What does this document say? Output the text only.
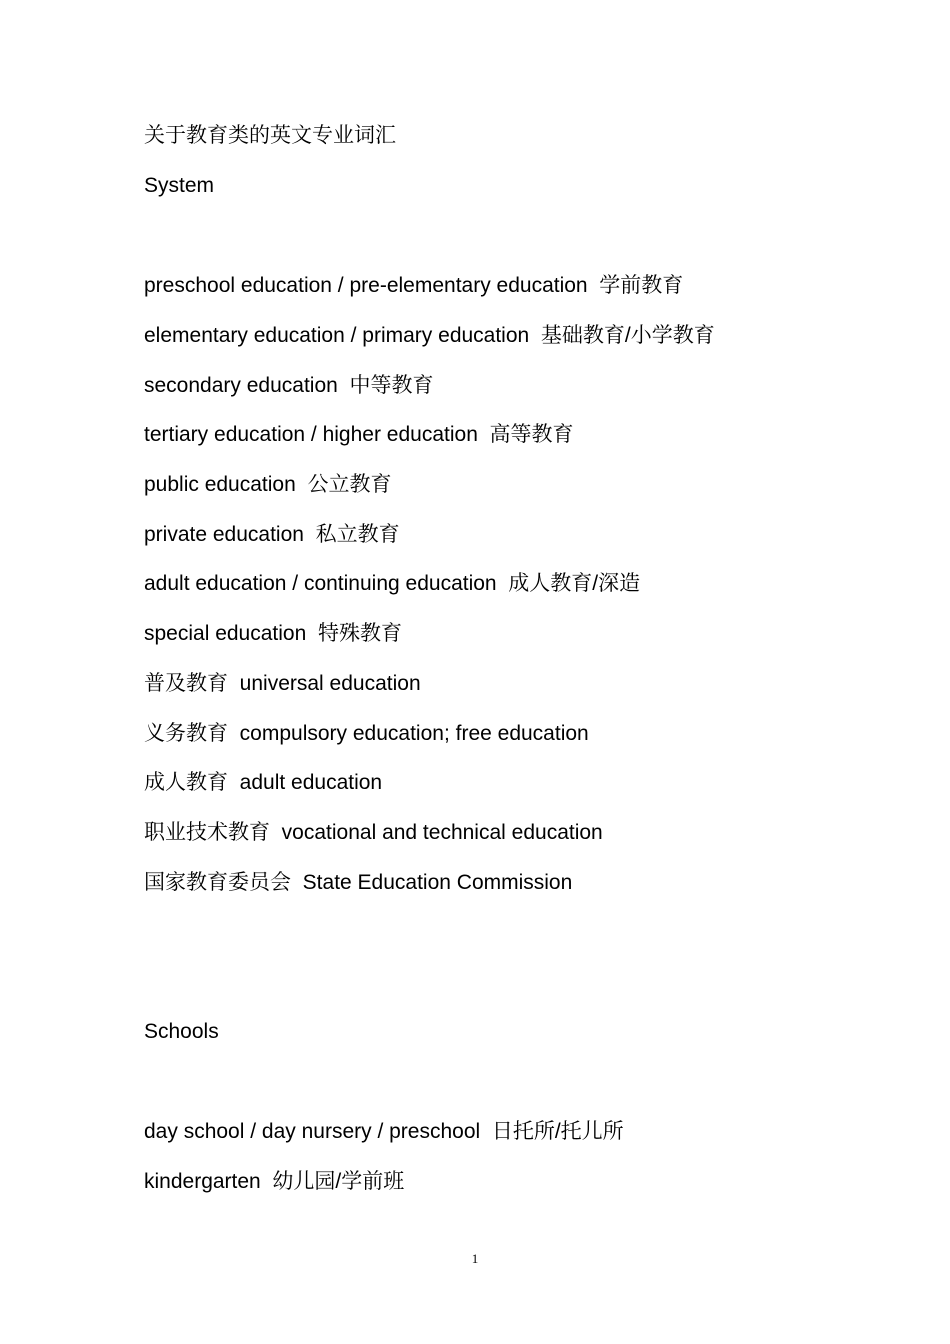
关于教育类的英文专业词汇
System
preschool education / pre-elementary education  学前教育
elementary education / primary education  基础教育/小学教育
secondary education  中等教育
tertiary education / higher education  高等教育
public education  公立教育
private education  私立教育
adult education / continuing education  成人教育/深造
special education  特殊教育
普及教育  universal education
义务教育  compulsory education; free education
成人教育  adult education
职业技术教育  vocational and technical education
国家教育委员会  State Education Commission
Schools
day school / day nursery / preschool  日托所/托儿所
kindergarten  幼儿园/学前班
1
